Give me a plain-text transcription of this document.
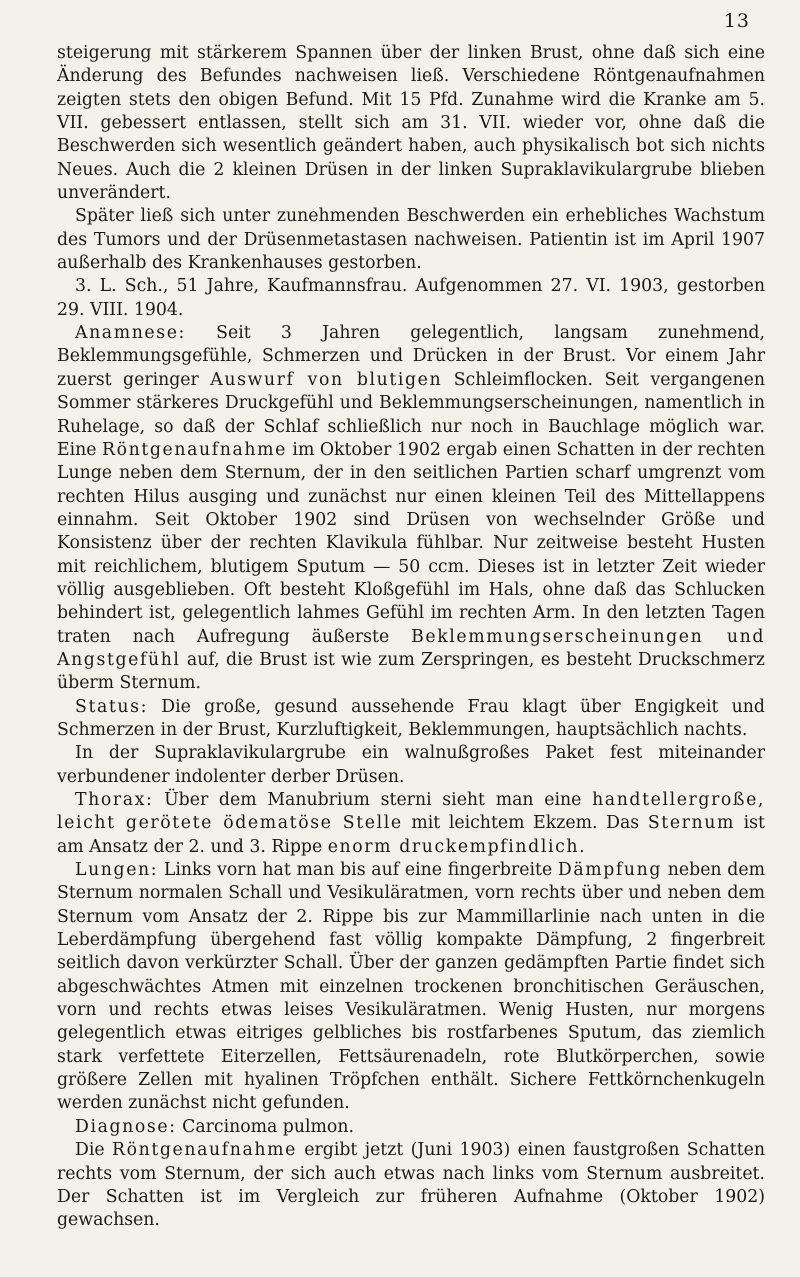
13

steigerung mit stärkerem Spannen über der linken Brust, ohne daß sich eine Änderung des Befundes nachweisen ließ. Verschiedene Röntgenaufnahmen zeigten stets den obigen Befund. Mit 15 Pfd. Zunahme wird die Kranke am 5. VII. gebessert entlassen, stellt sich am 31. VII. wieder vor, ohne daß die Beschwerden sich wesentlich geändert haben, auch physikalisch bot sich nichts Neues. Auch die 2 kleinen Drüsen in der linken Supraklavikulargrube blieben unverändert.

Später ließ sich unter zunehmenden Beschwerden ein erhebliches Wachstum des Tumors und der Drüsenmetastasen nachweisen. Patientin ist im April 1907 außerhalb des Krankenhauses gestorben.

3. L. Sch., 51 Jahre, Kaufmannsfrau. Aufgenommen 27. VI. 1903, gestorben 29. VIII. 1904.

Anamnese: Seit 3 Jahren gelegentlich, langsam zunehmend, Beklemmungsgefühle, Schmerzen und Drücken in der Brust. Vor einem Jahr zuerst geringer Auswurf von blutigen Schleimflocken. Seit vergangenen Sommer stärkeres Druckgefühl und Beklemmungserscheinungen, namentlich in Ruhelage, so daß der Schlaf schließlich nur noch in Bauchlage möglich war. Eine Röntgenaufnahme im Oktober 1902 ergab einen Schatten in der rechten Lunge neben dem Sternum, der in den seitlichen Partien scharf umgrenzt vom rechten Hilus ausging und zunächst nur einen kleinen Teil des Mittellappens einnahm. Seit Oktober 1902 sind Drüsen von wechselnder Größe und Konsistenz über der rechten Klavikula fühlbar. Nur zeitweise besteht Husten mit reichlichem, blutigem Sputum — 50 ccm. Dieses ist in letzter Zeit wieder völlig ausgeblieben. Oft besteht Kloßgefühl im Hals, ohne daß das Schlucken behindert ist, gelegentlich lahmes Gefühl im rechten Arm. In den letzten Tagen traten nach Aufregung äußerste Beklemmungserscheinungen und Angstgefühl auf, die Brust ist wie zum Zerspringen, es besteht Druckschmerz überm Sternum.

Status: Die große, gesund aussehende Frau klagt über Engigkeit und Schmerzen in der Brust, Kurzluftigkeit, Beklemmungen, hauptsächlich nachts.

In der Supraklavikulargrube ein walnußgroßes Paket fest miteinander verbundener indolenter derber Drüsen.

Thorax: Über dem Manubrium sterni sieht man eine handtellergroße, leicht gerötete ödematöse Stelle mit leichtem Ekzem. Das Sternum ist am Ansatz der 2. und 3. Rippe enorm druckempfindlich.

Lungen: Links vorn hat man bis auf eine fingerbreite Dämpfung neben dem Sternum normalen Schall und Vesikuläratmen, vorn rechts über und neben dem Sternum vom Ansatz der 2. Rippe bis zur Mammillarlinie nach unten in die Leberdämpfung übergehend fast völlig kompakte Dämpfung, 2 fingerbreit seitlich davon verkürzter Schall. Über der ganzen gedämpften Partie findet sich abgeschwächtes Atmen mit einzelnen trockenen bronchitischen Geräuschen, vorn und rechts etwas leises Vesikuläratmen. Wenig Husten, nur morgens gelegentlich etwas eitriges gelbliches bis rostfarbenes Sputum, das ziemlich stark verfettete Eiterzellen, Fettsäurenadeln, rote Blutkörperchen, sowie größere Zellen mit hyalinen Tröpfchen enthält. Sichere Fettkörnchenkugeln werden zunächst nicht gefunden.

Diagnose: Carcinoma pulmon.

Die Röntgenaufnahme ergibt jetzt (Juni 1903) einen faustgroßen Schatten rechts vom Sternum, der sich auch etwas nach links vom Sternum ausbreitet. Der Schatten ist im Vergleich zur früheren Aufnahme (Oktober 1902) gewachsen.
